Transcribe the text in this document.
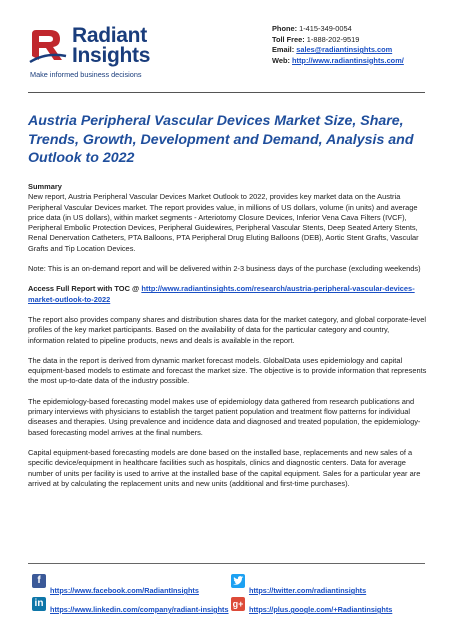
Radiant
Insights
Make informed business decisions
Phone: 1-415-349-0054
Toll Free: 1-888-202-9519
Email: sales@radiantinsights.com
Web: http://www.radiantinsights.com/
Austria Peripheral Vascular Devices Market Size, Share, Trends, Growth, Development and Demand, Analysis and Outlook to 2022

Summary
New report, Austria Peripheral Vascular Devices Market Outlook to 2022, provides key market data on the Austria Peripheral Vascular Devices market. The report provides value, in millions of US dollars, volume (in units) and average price data (in US dollars), within market segments - Arteriotomy Closure Devices, Inferior Vena Cava Filters (IVCF), Peripheral Embolic Protection Devices, Peripheral Guidewires, Peripheral Vascular Stents, Deep Seated Artery Stents, Renal Denervation Catheters, PTA Balloons, PTA Peripheral Drug Eluting Balloons (DEB), Aortic Stent Grafts, Vascular Grafts and Tip Location Devices.

Note: This is an on-demand report and will be delivered within 2-3 business days of the purchase (excluding weekends)

Access Full Report with TOC @ http://www.radiantinsights.com/research/austria-peripheral-vascular-devices-market-outlook-to-2022

The report also provides company shares and distribution shares data for the market category, and global corporate-level profiles of the key market participants. Based on the availability of data for the particular category and country, information related to pipeline products, news and deals is available in the report.

The data in the report is derived from dynamic market forecast models. GlobalData uses epidemiology and capital equipment-based models to estimate and forecast the market size. The objective is to provide information that represents the most up-to-date data of the industry possible.

The epidemiology-based forecasting model makes use of epidemiology data gathered from research publications and primary interviews with physicians to establish the target patient population and treatment flow patterns for individual diseases and therapies. Using prevalence and incidence data and diagnosed and treated population, the epidemiology-based forecasting model arrives at the final numbers.

Capital equipment-based forecasting models are done based on the installed base, replacements and new sales of a specific device/equipment in healthcare facilities such as hospitals, clinics and diagnostic centers. Data for average number of units per facility is used to arrive at the installed base of the capital equipment. Sales for a particular year are arrived at by calculating the replacement units and new units (additional and first-time purchases).

f
https://www.facebook.com/RadiantInsights	https://twitter.com/radiantinsights
in
https://www.linkedin.com/company/radiant-insights
g+
https://plus.google.com/+Radiantinsights
